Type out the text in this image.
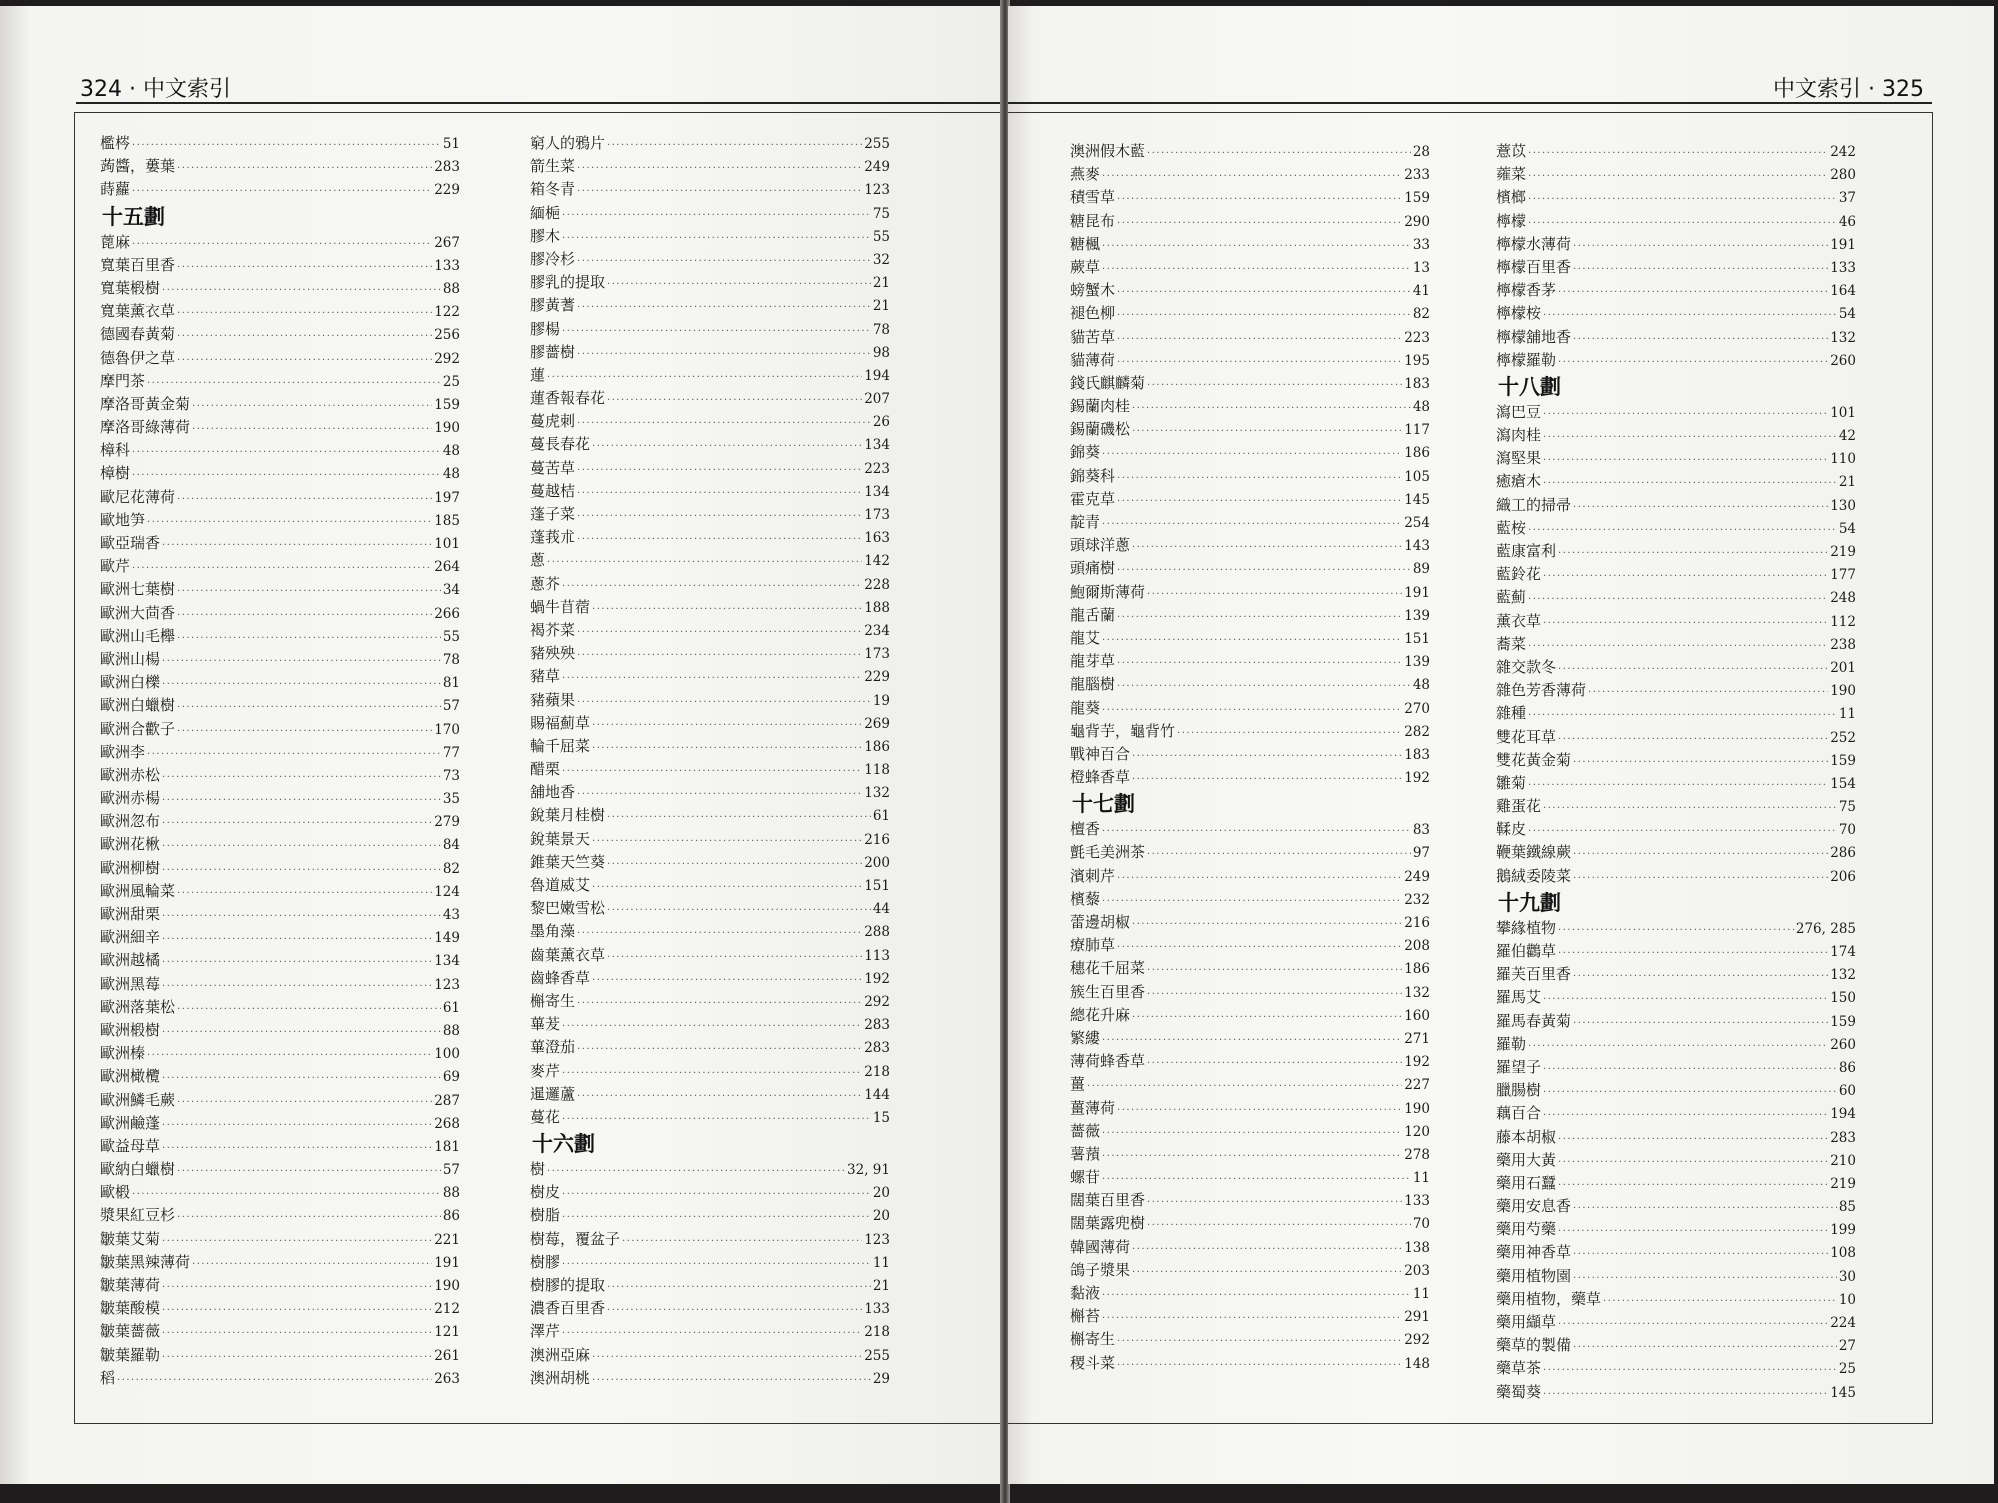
324 · 中文索引
檻梣 ·····	51
蒟醬，蔞葉 ·····	283
蒔蘿 ·····	229
十五劃
蓖麻 ·····	267
寬葉百里香 ·····	133
寬葉椴樹 ·····	88
寬葉薰衣草 ·····	122
德國春黃菊 ·····	256
德魯伊之草 ·····	292
摩門茶 ·····	25
摩洛哥黃金菊 ·····	159
摩洛哥綠薄荷 ·····	190
樟科 ·····	48
樟樹 ·····	48
歐尼花薄荷 ·····	197
歐地笋 ·····	185
歐亞瑞香 ·····	101
歐芹 ·····	264
歐洲七葉樹 ·····	34
歐洲大茴香 ·····	266
歐洲山毛櫸 ·····	55
歐洲山楊 ·····	78
歐洲白櫟 ·····	81
歐洲白蠟樹 ·····	57
歐洲合歡子 ·····	170
歐洲李 ·····	77
歐洲赤松 ·····	73
歐洲赤楊 ·····	35
歐洲忽布 ·····	279
歐洲花楸 ·····	84
歐洲柳樹 ·····	82
歐洲風輪菜 ·····	124
歐洲甜栗 ·····	43
歐洲細辛 ·····	149
歐洲越橘 ·····	134
歐洲黑莓 ·····	123
歐洲落葉松 ·····	61
歐洲椴樹 ·····	88
歐洲榛 ·····	100
歐洲橄欖 ·····	69
歐洲鱗毛蕨 ·····	287
歐洲鹼蓬 ·····	268
歐益母草 ·····	181
歐納白蠟樹 ·····	57
歐椴 ·····	88
漿果紅豆杉 ·····	86
皺葉艾菊 ·····	221
皺葉黑辣薄荷 ·····	191
皺葉薄荷 ·····	190
皺葉酸模 ·····	212
皺葉薔薇 ·····	121
皺葉羅勒 ·····	261
稻 ·····	263
窮人的鴉片 ·····	255
箭生菜 ·····	249
箱冬青 ·····	123
緬梔 ·····	75
膠木 ·····	55
膠冷杉 ·····	32
膠乳的提取 ·····	21
膠黃蓍 ·····	21
膠楊 ·····	78
膠薔樹 ·····	98
蓮 ·····	194
蓮香報春花 ·····	207
蔓虎刺 ·····	26
蔓長春花 ·····	134
蔓苦草 ·····	223
蔓越桔 ·····	134
蓬子菜 ·····	173
蓬莪朮 ·····	163
蔥 ·····	142
蔥芥 ·····	228
蝸牛苜蓿 ·····	188
褐芥菜 ·····	234
豬殃殃 ·····	173
豬草 ·····	229
豬蘋果 ·····	19
賜福薊草 ·····	269
輪千屈菜 ·····	186
醋栗 ·····	118
舖地香 ·····	132
銳葉月桂樹 ·····	61
銳葉景天 ·····	216
錐葉天竺葵 ·····	200
魯道威艾 ·····	151
黎巴嫩雪松 ·····	44
墨角藻 ·····	288
齒葉薰衣草 ·····	113
齒蜂香草 ·····	192
槲寄生 ·····	292
蓽茇 ·····	283
蓽澄茄 ·····	283
麥芹 ·····	218
暹邏蘆 ·····	144
蔓花 ·····	15
十六劃
樹 ·····	32, 91
樹皮 ·····	20
樹脂 ·····	20
樹莓，覆盆子 ·····	123
樹膠 ·····	11
樹膠的提取 ·····	21
濃香百里香 ·····	133
澤芹 ·····	218
澳洲亞麻 ·····	255
澳洲胡桃 ·····	29
中文索引 · 325
澳洲假木藍 ·····	28
燕麥 ·····	233
積雪草 ·····	159
糖昆布 ·····	290
糖楓 ·····	33
蕨草 ·····	13
螃蟹木 ·····	41
褪色柳 ·····	82
貓苦草 ·····	223
貓薄荷 ·····	195
錢氏麒麟菊 ·····	183
錫蘭肉桂 ·····	48
錫蘭磯松 ·····	117
錦葵 ·····	186
錦葵科 ·····	105
霍克草 ·····	145
靛青 ·····	254
頭球洋蔥 ·····	143
頭痛樹 ·····	89
鮑爾斯薄荷 ·····	191
龍舌蘭 ·····	139
龍艾 ·····	151
龍芽草 ·····	139
龍腦樹 ·····	48
龍葵 ·····	270
龜背芋，龜背竹 ·····	282
戰神百合 ·····	183
橙蜂香草 ·····	192
十七劃
檀香 ·····	83
氈毛美洲茶 ·····	97
濱刺芹 ·····	249
檳藜 ·····	232
蕾邊胡椒 ·····	216
療肺草 ·····	208
穗花千屈菜 ·····	186
簇生百里香 ·····	132
總花升麻 ·····	160
繁縷 ·····	271
薄荷蜂香草 ·····	192
薑 ·····	227
薑薄荷 ·····	190
薔薇 ·····	120
薯蕷 ·····	278
螺苷 ·····	11
闊葉百里香 ·····	133
闊葉露兜樹 ·····	70
韓國薄荷 ·····	138
鴿子漿果 ·····	203
黏液 ·····	11
槲苔 ·····	291
槲寄生 ·····	292
稷斗菜 ·····	148
薏苡 ·····	242
蕹菜 ·····	280
檳榔 ·····	37
檸檬 ·····	46
檸檬水薄荷 ·····	191
檸檬百里香 ·····	133
檸檬香茅 ·····	164
檸檬桉 ·····	54
檸檬舖地香 ·····	132
檸檬羅勒 ·····	260
十八劃
瀉巴豆 ·····	101
瀉肉桂 ·····	42
瀉堅果 ·····	110
癒瘡木 ·····	21
織工的掃帚 ·····	130
藍桉 ·····	54
藍康富利 ·····	219
藍鈴花 ·····	177
藍薊 ·····	248
薰衣草 ·····	112
蕎菜 ·····	238
雜交款冬 ·····	201
雜色芳香薄荷 ·····	190
雜種 ·····	11
雙花耳草 ·····	252
雙花黃金菊 ·····	159
雛菊 ·····	154
雞蛋花 ·····	75
鞣皮 ·····	70
鞭葉鐵線蕨 ·····	286
鵝絨委陵菜 ·····	206
十九劃
攀緣植物 ·····	276, 285
羅伯鸛草 ·····	174
羅芙百里香 ·····	132
羅馬艾 ·····	150
羅馬春黃菊 ·····	159
羅勒 ·····	260
羅望子 ·····	86
臘腸樹 ·····	60
藕百合 ·····	194
藤本胡椒 ·····	283
藥用大黃 ·····	210
藥用石蠶 ·····	219
藥用安息香 ·····	85
藥用芍藥 ·····	199
藥用神香草 ·····	108
藥用植物園 ·····	30
藥用植物，藥草 ·····	10
藥用纈草 ·····	224
藥草的製備 ·····	27
藥草茶 ·····	25
藥蜀葵 ·····	145
